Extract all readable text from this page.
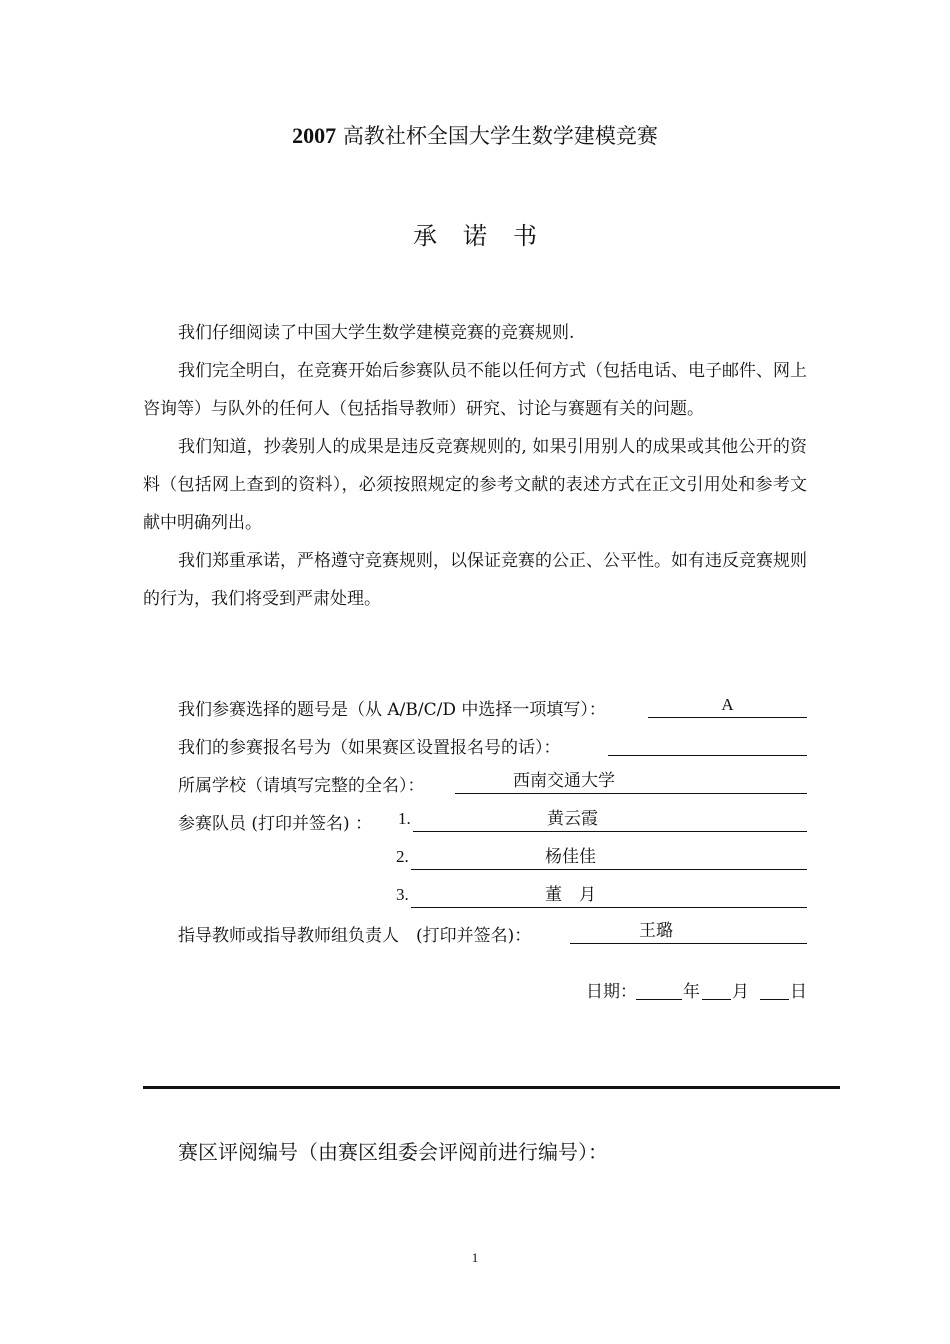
2007 高教社杯全国大学生数学建模竞赛
承诺书

我们仔细阅读了中国大学生数学建模竞赛的竞赛规则.

我们完全明白，在竞赛开始后参赛队员不能以任何方式（包括电话、电子邮件、网上咨询等）与队外的任何人（包括指导教师）研究、讨论与赛题有关的问题。

我们知道，抄袭别人的成果是违反竞赛规则的, 如果引用别人的成果或其他公开的资料（包括网上查到的资料），必须按照规定的参考文献的表述方式在正文引用处和参考文献中明确列出。

我们郑重承诺，严格遵守竞赛规则，以保证竞赛的公正、公平性。如有违反竞赛规则的行为，我们将受到严肃处理。

我们参赛选择的题号是（从 A/B/C/D 中选择一项填写）：	A
我们的参赛报名号为（如果赛区设置报名号的话）：
所属学校（请填写完整的全名）：	西南交通大学
参赛队员 (打印并签名) ： 1.	黄云霞
2.	杨佳佳
3.	董　月
指导教师或指导教师组负责人　(打印并签名)：	王璐
日期：	年 月 日
赛区评阅编号（由赛区组委会评阅前进行编号）：
1
